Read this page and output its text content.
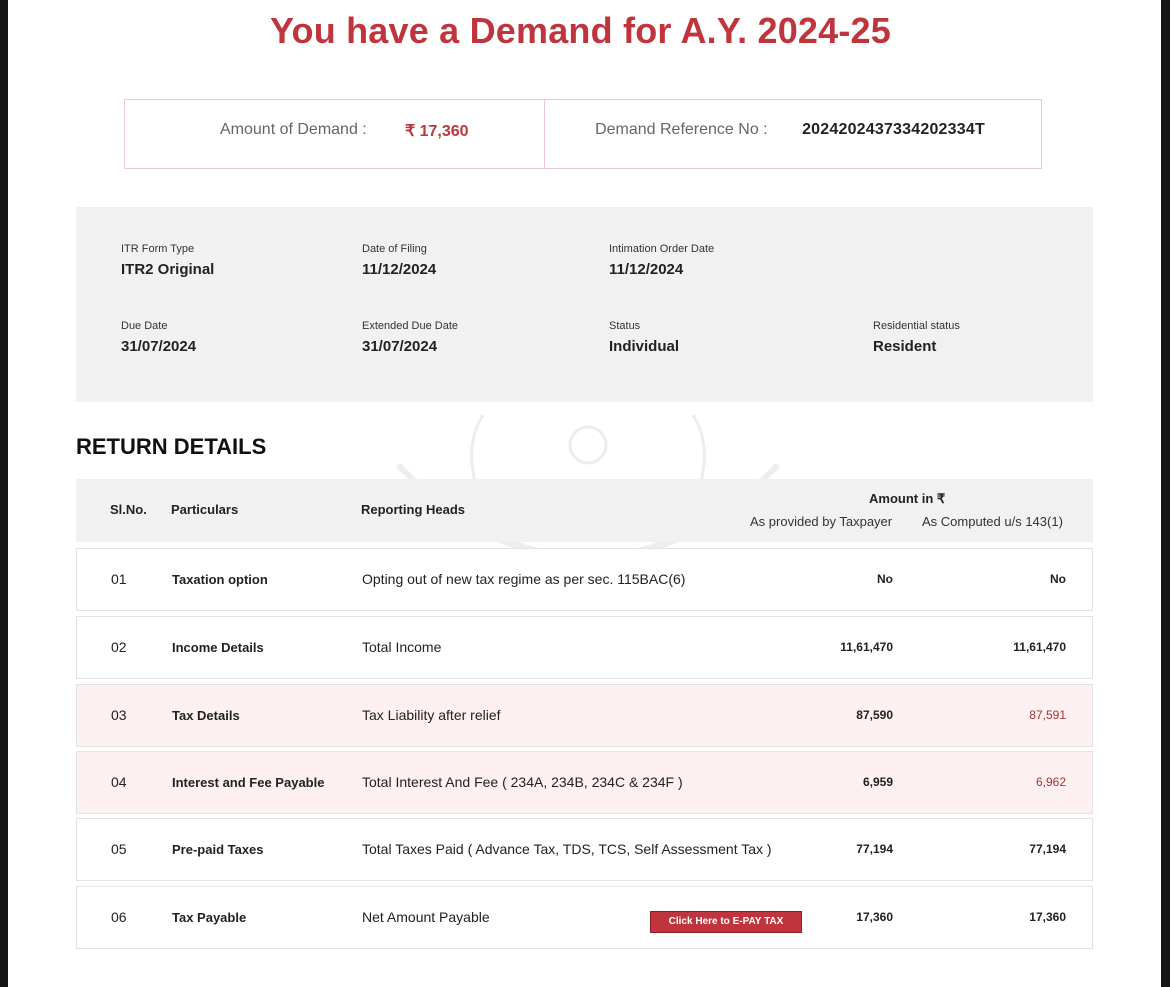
You have a Demand for A.Y. 2024-25
Amount of Demand : ₹ 17,360	Demand Reference No : 2024202437334202334T
ITR Form Type
ITR2 Original
Date of Filing
11/12/2024
Intimation Order Date
11/12/2024
Due Date
31/07/2024
Extended Due Date
31/07/2024
Status
Individual
Residential status
Resident
RETURN DETAILS
Sl.No. Particulars	Reporting Heads
Amount in ₹
As provided by Taxpayer As Computed u/s 143(1)
01	Taxation option	Opting out of new tax regime as per sec. 115BAC(6)	No	No
02	Income Details	Total Income	11,61,470	11,61,470
03	Tax Details	Tax Liability after relief	87,590	87,591
04	Interest and Fee Payable	Total Interest And Fee ( 234A, 234B, 234C & 234F )	6,959	6,962
05	Pre-paid Taxes	Total Taxes Paid ( Advance Tax, TDS, TCS, Self Assessment Tax )	77,194	77,194
06	Tax Payable	Net Amount Payable	Click Here to E-PAY TAX	17,360	17,360
